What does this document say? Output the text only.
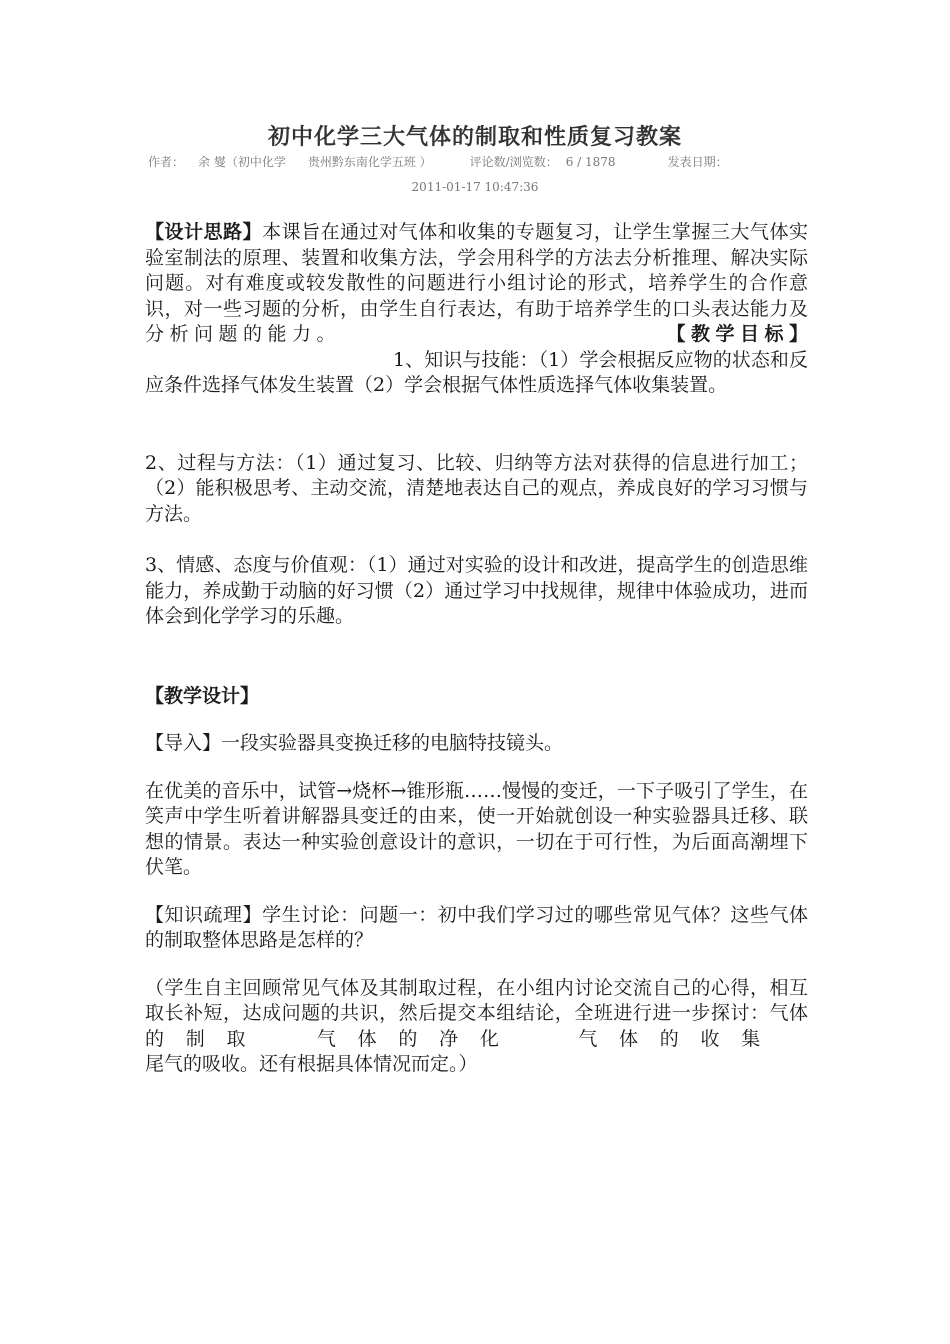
初中化学三大气体的制取和性质复习教案
作者： 余 燮（初中化学 贵州黔东南化学五班 ）	评论数/浏览数： 6 / 1878	发表日期：
2011-01-17 10:47:36

【设计思路】本课旨在通过对气体和收集的专题复习，让学生掌握三大气体实验室制法的原理、装置和收集方法，学会用科学的方法去分析推理、解决实际问题。对有难度或较发散性的问题进行小组讨论的形式，培养学生的合作意识，对一些习题的分析，由学生自行表达，有助于培养学生的口头表达能力及分析问题的能力。	【教学目标】1、知识与技能：（1）学会根据反应物的状态和反应条件选择气体发生装置（2）学会根据气体性质选择气体收集装置。

2、过程与方法：（1）通过复习、比较、归纳等方法对获得的信息进行加工；（2）能积极思考、主动交流，清楚地表达自己的观点，养成良好的学习习惯与方法。

3、情感、态度与价值观：（1）通过对实验的设计和改进，提高学生的创造思维能力，养成勤于动脑的好习惯（2）通过学习中找规律，规律中体验成功，进而体会到化学学习的乐趣。

【教学设计】

【导入】一段实验器具变换迁移的电脑特技镜头。

在优美的音乐中，试管→烧杯→锥形瓶……慢慢的变迁，一下子吸引了学生，在笑声中学生听着讲解器具变迁的由来，使一开始就创设一种实验器具迁移、联想的情景。表达一种实验创意设计的意识，一切在于可行性，为后面高潮埋下伏笔。

【知识疏理】学生讨论：问题一：初中我们学习过的哪些常见气体？这些气体的制取整体思路是怎样的？

（学生自主回顾常见气体及其制取过程，在小组内讨论交流自己的心得，相互取长补短，达成问题的共识，然后提交本组结论，全班进行进一步探讨：气体的制取 气体的净化 气体的收集尾气的吸收。还有根据具体情况而定。）
